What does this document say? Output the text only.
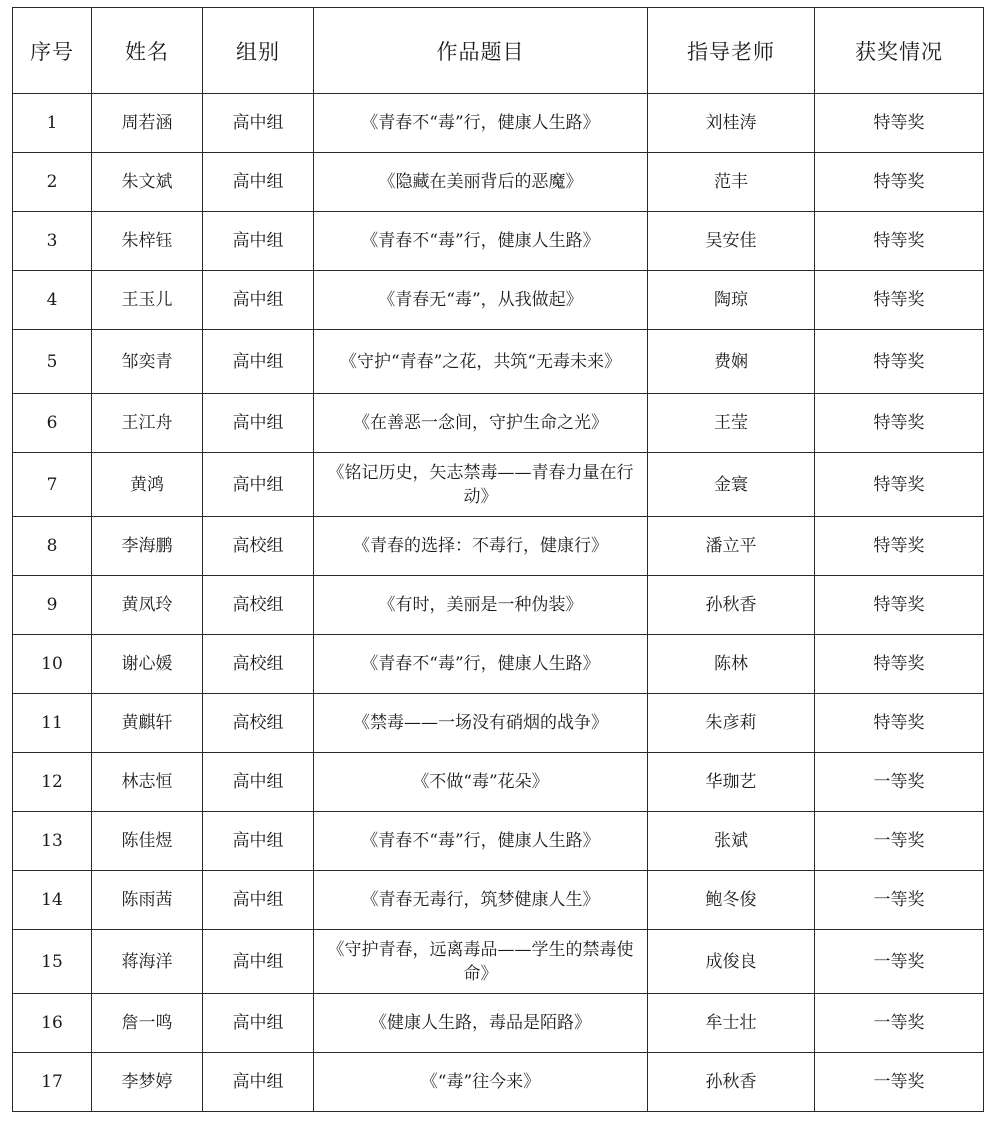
序号	姓名	组别	作品题目	指导老师	获奖情况
1	周若涵	高中组	《青春不“毒”行，健康人生路》	刘桂涛	特等奖
2	朱文斌	高中组	《隐藏在美丽背后的恶魔》	范丰	特等奖
3	朱梓钰	高中组	《青春不“毒”行，健康人生路》	吴安佳	特等奖
4	王玉儿	高中组	《青春无“毒”，从我做起》	陶琼	特等奖
5	邹奕青	高中组	《守护“青春”之花，共筑“无毒未来》	费娴	特等奖
6	王江舟	高中组	《在善恶一念间，守护生命之光》	王莹	特等奖
7	黄鸿	高中组	《铭记历史，矢志禁毒——青春力量在行动》	金寰	特等奖
8	李海鹏	高校组	《青春的选择：不毒行，健康行》	潘立平	特等奖
9	黄凤玲	高校组	《有时，美丽是一种伪装》	孙秋香	特等奖
10	谢心媛	高校组	《青春不“毒”行，健康人生路》	陈林	特等奖
11	黄麒轩	高校组	《禁毒——一场没有硝烟的战争》	朱彦莉	特等奖
12	林志恒	高中组	《不做“毒”花朵》	华珈艺	一等奖
13	陈佳煜	高中组	《青春不“毒”行，健康人生路》	张斌	一等奖
14	陈雨茜	高中组	《青春无毒行，筑梦健康人生》	鲍冬俊	一等奖
15	蒋海洋	高中组	《守护青春，远离毒品——学生的禁毒使命》	成俊良	一等奖
16	詹一鸣	高中组	《健康人生路，毒品是陌路》	牟士壮	一等奖
17	李梦婷	高中组	《“毒”往今来》	孙秋香	一等奖
